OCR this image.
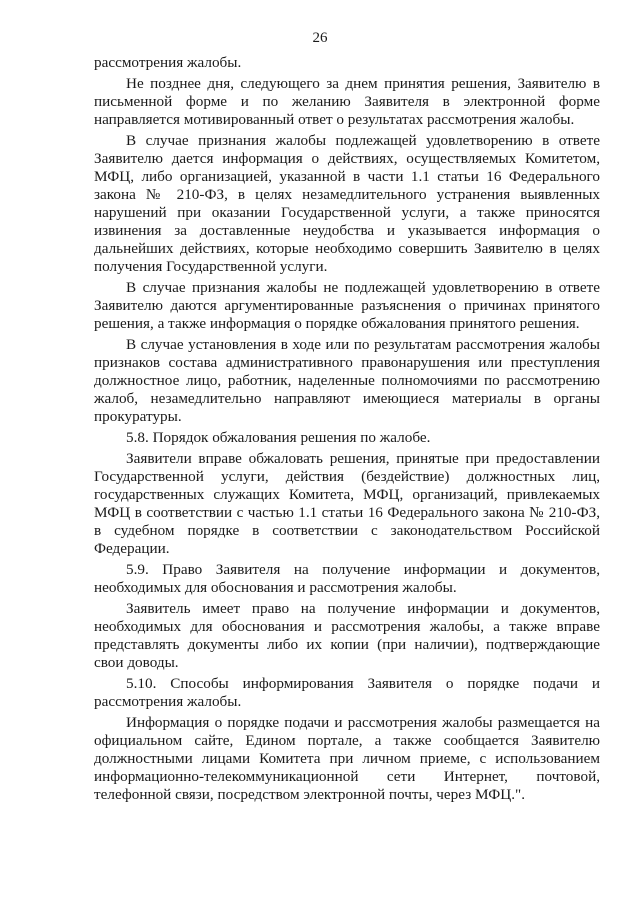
26

рассмотрения жалобы.

Не позднее дня, следующего за днем принятия решения, Заявителю в письменной форме и по желанию Заявителя в электронной форме направляется мотивированный ответ о результатах рассмотрения жалобы.

В случае признания жалобы подлежащей удовлетворению в ответе Заявителю дается информация о действиях, осуществляемых Комитетом, МФЦ, либо организацией, указанной в части 1.1 статьи 16 Федерального закона № 210-ФЗ, в целях незамедлительного устранения выявленных нарушений при оказании Государственной услуги, а также приносятся извинения за доставленные неудобства и указывается информация о дальнейших действиях, которые необходимо совершить Заявителю в целях получения Государственной услуги.

В случае признания жалобы не подлежащей удовлетворению в ответе Заявителю даются аргументированные разъяснения о причинах принятого решения, а также информация о порядке обжалования принятого решения.

В случае установления в ходе или по результатам рассмотрения жалобы признаков состава административного правонарушения или преступления должностное лицо, работник, наделенные полномочиями по рассмотрению жалоб, незамедлительно направляют имеющиеся материалы в органы прокуратуры.

5.8. Порядок обжалования решения по жалобе.

Заявители вправе обжаловать решения, принятые при предоставлении Государственной услуги, действия (бездействие) должностных лиц, государственных служащих Комитета, МФЦ, организаций, привлекаемых МФЦ в соответствии с частью 1.1 статьи 16 Федерального закона № 210-ФЗ, в судебном порядке в соответствии с законодательством Российской Федерации.

5.9. Право Заявителя на получение информации и документов, необходимых для обоснования и рассмотрения жалобы.

Заявитель имеет право на получение информации и документов, необходимых для обоснования и рассмотрения жалобы, а также вправе представлять документы либо их копии (при наличии), подтверждающие свои доводы.

5.10. Способы информирования Заявителя о порядке подачи и рассмотрения жалобы.

Информация о порядке подачи и рассмотрения жалобы размещается на официальном сайте, Едином портале, а также сообщается Заявителю должностными лицами Комитета при личном приеме, с использованием информационно-телекоммуникационной сети Интернет, почтовой, телефонной связи, посредством электронной почты, через МФЦ.".
